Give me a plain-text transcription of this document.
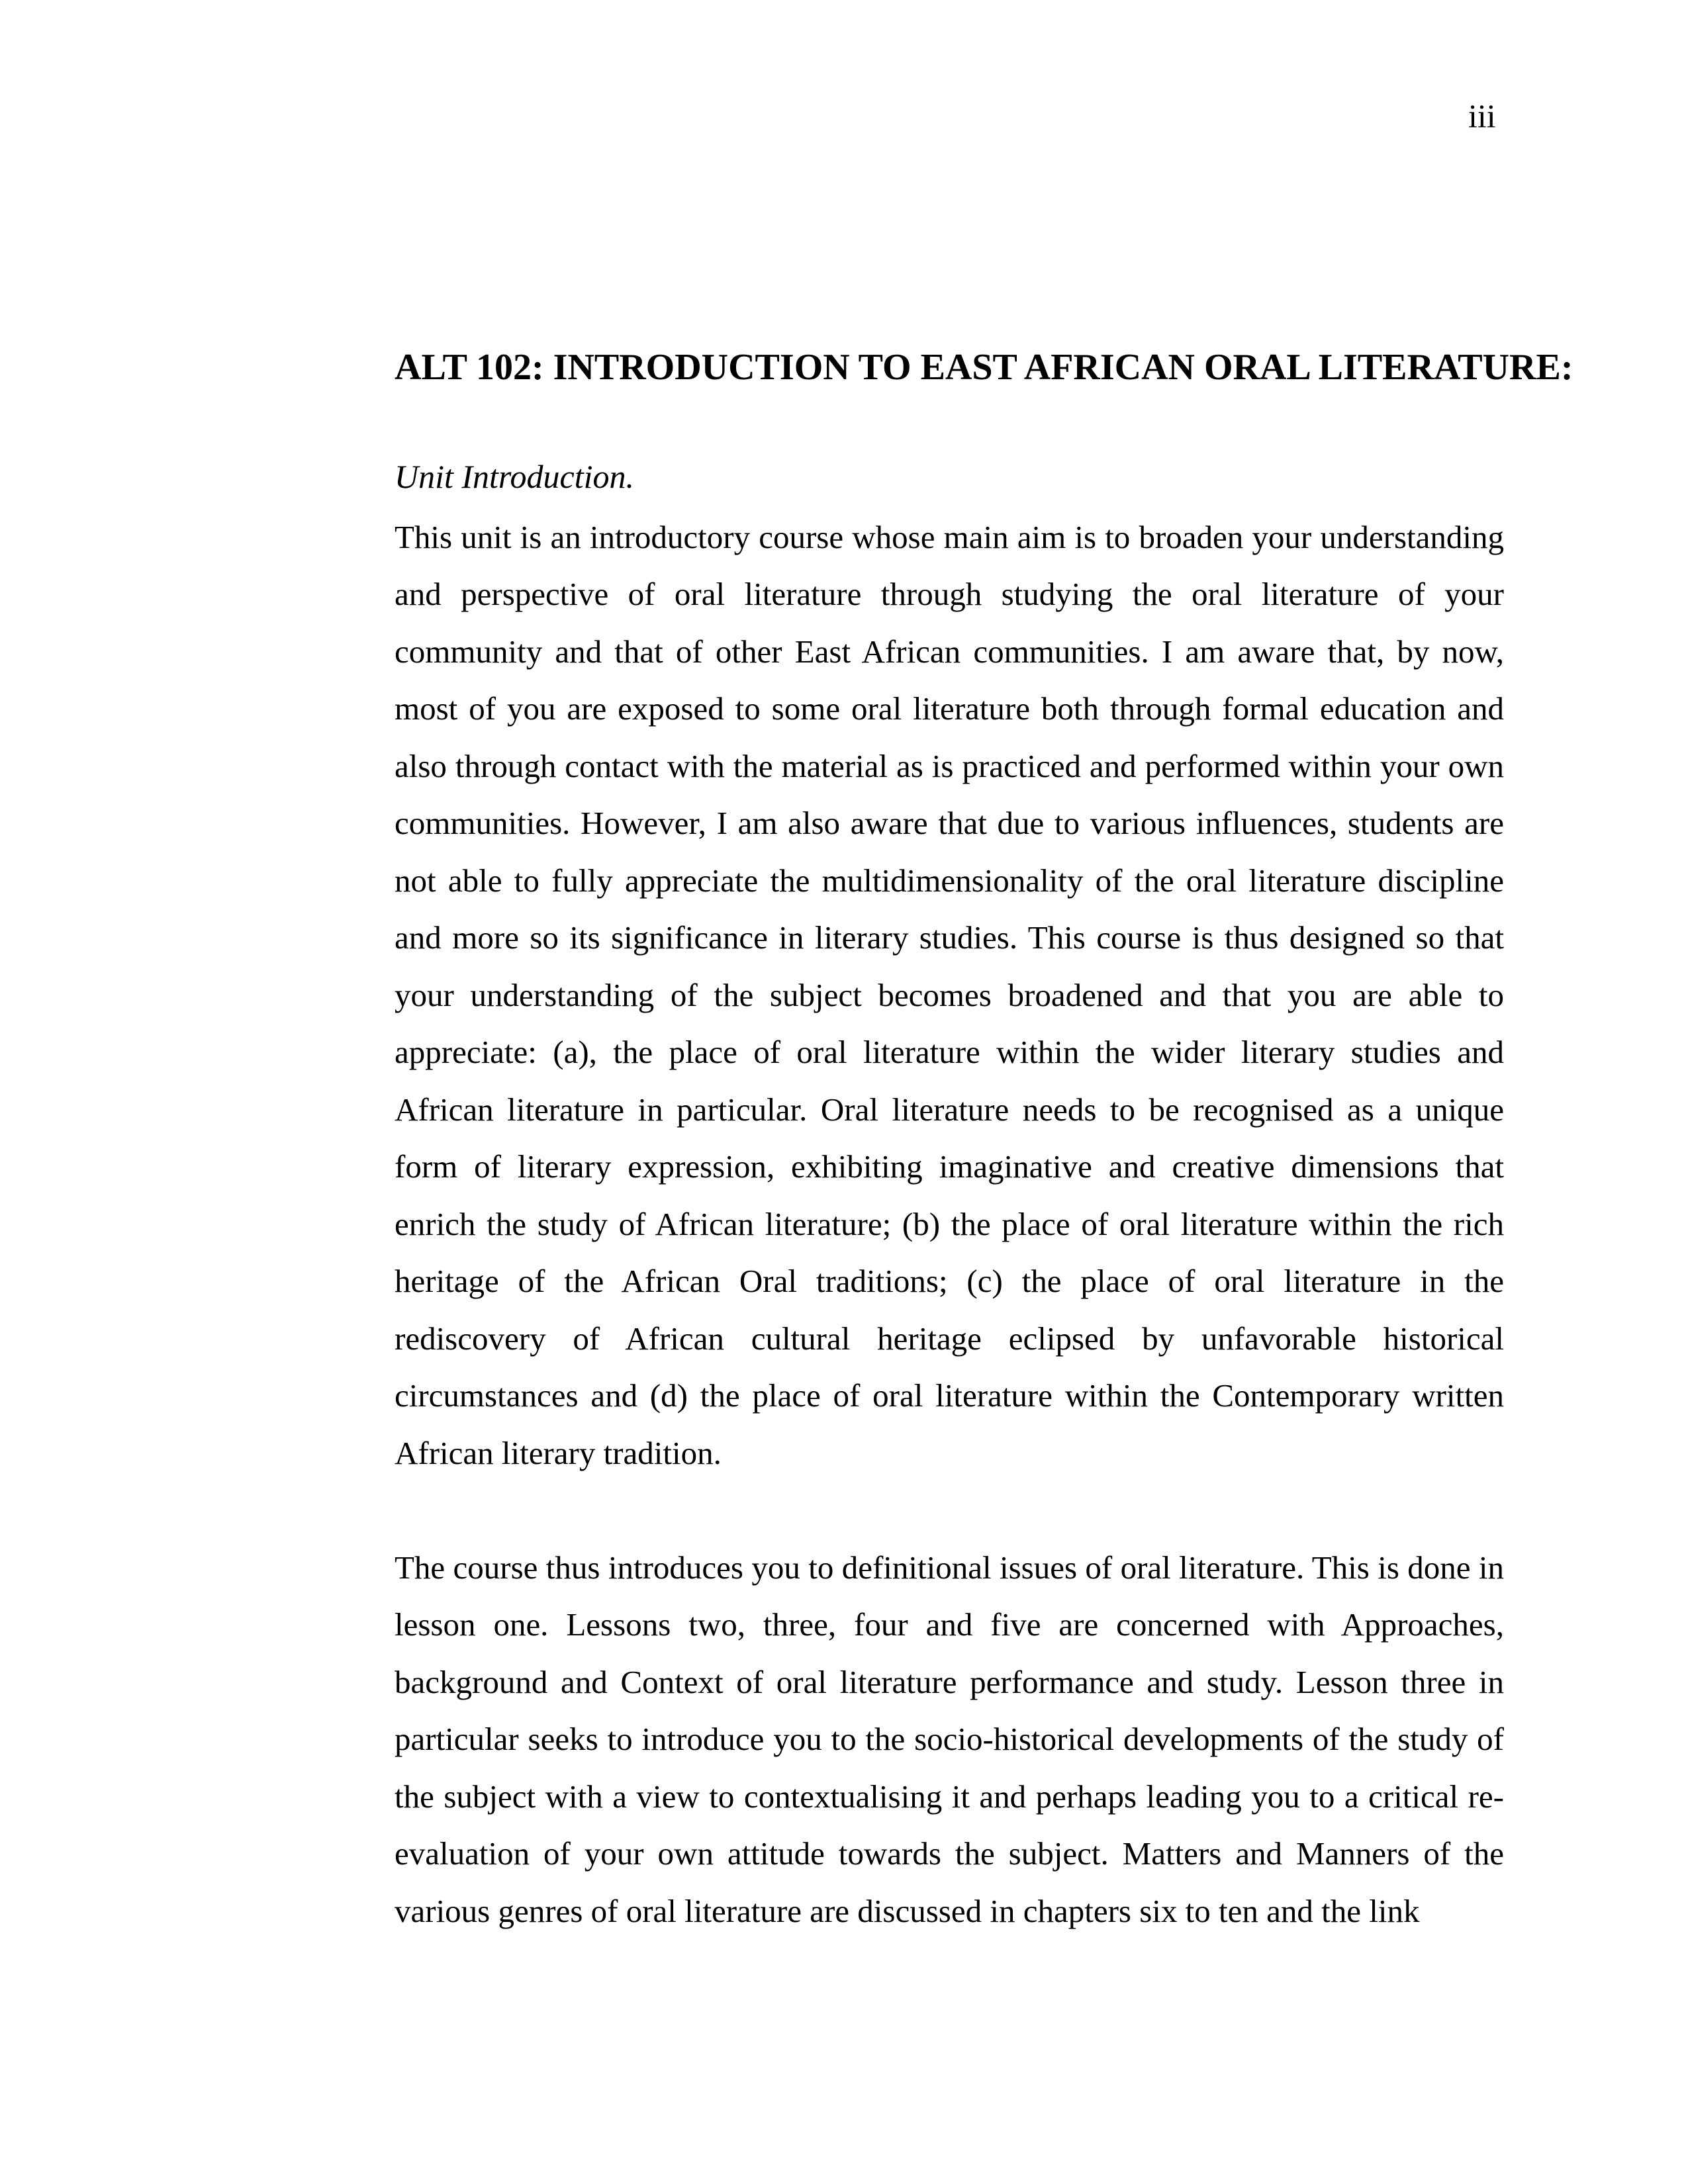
iii
ALT 102: INTRODUCTION TO EAST AFRICAN ORAL LITERATURE:
Unit Introduction.

This unit is an introductory course whose main aim is to broaden your understanding and perspective of oral literature through studying the oral literature of your community and that of other East African communities. I am aware that, by now, most of you are exposed to some oral literature both through formal education and also through contact with the material as is practiced and performed within your own communities. However, I am also aware that due to various influences, students are not able to fully appreciate the multidimensionality of the oral literature discipline and more so its significance in literary studies. This course is thus designed so that your understanding of the subject becomes broadened and that you are able to appreciate: (a), the place of oral literature within the wider literary studies and African literature in particular. Oral literature needs to be recognised as a unique form of literary expression, exhibiting imaginative and creative dimensions that enrich the study of African literature; (b) the place of oral literature within the rich heritage of the African Oral traditions; (c) the place of oral literature in the rediscovery of African cultural heritage eclipsed by unfavorable historical circumstances and (d) the place of oral literature within the Contemporary written African literary tradition.

The course thus introduces you to definitional issues of oral literature. This is done in lesson one. Lessons two, three, four and five are concerned with Approaches, background and Context of oral literature performance and study. Lesson three in particular seeks to introduce you to the socio-historical developments of the study of the subject with a view to contextualising it and perhaps leading you to a critical re-evaluation of your own attitude towards the subject. Matters and Manners of the various genres of oral literature are discussed in chapters six to ten and the link
